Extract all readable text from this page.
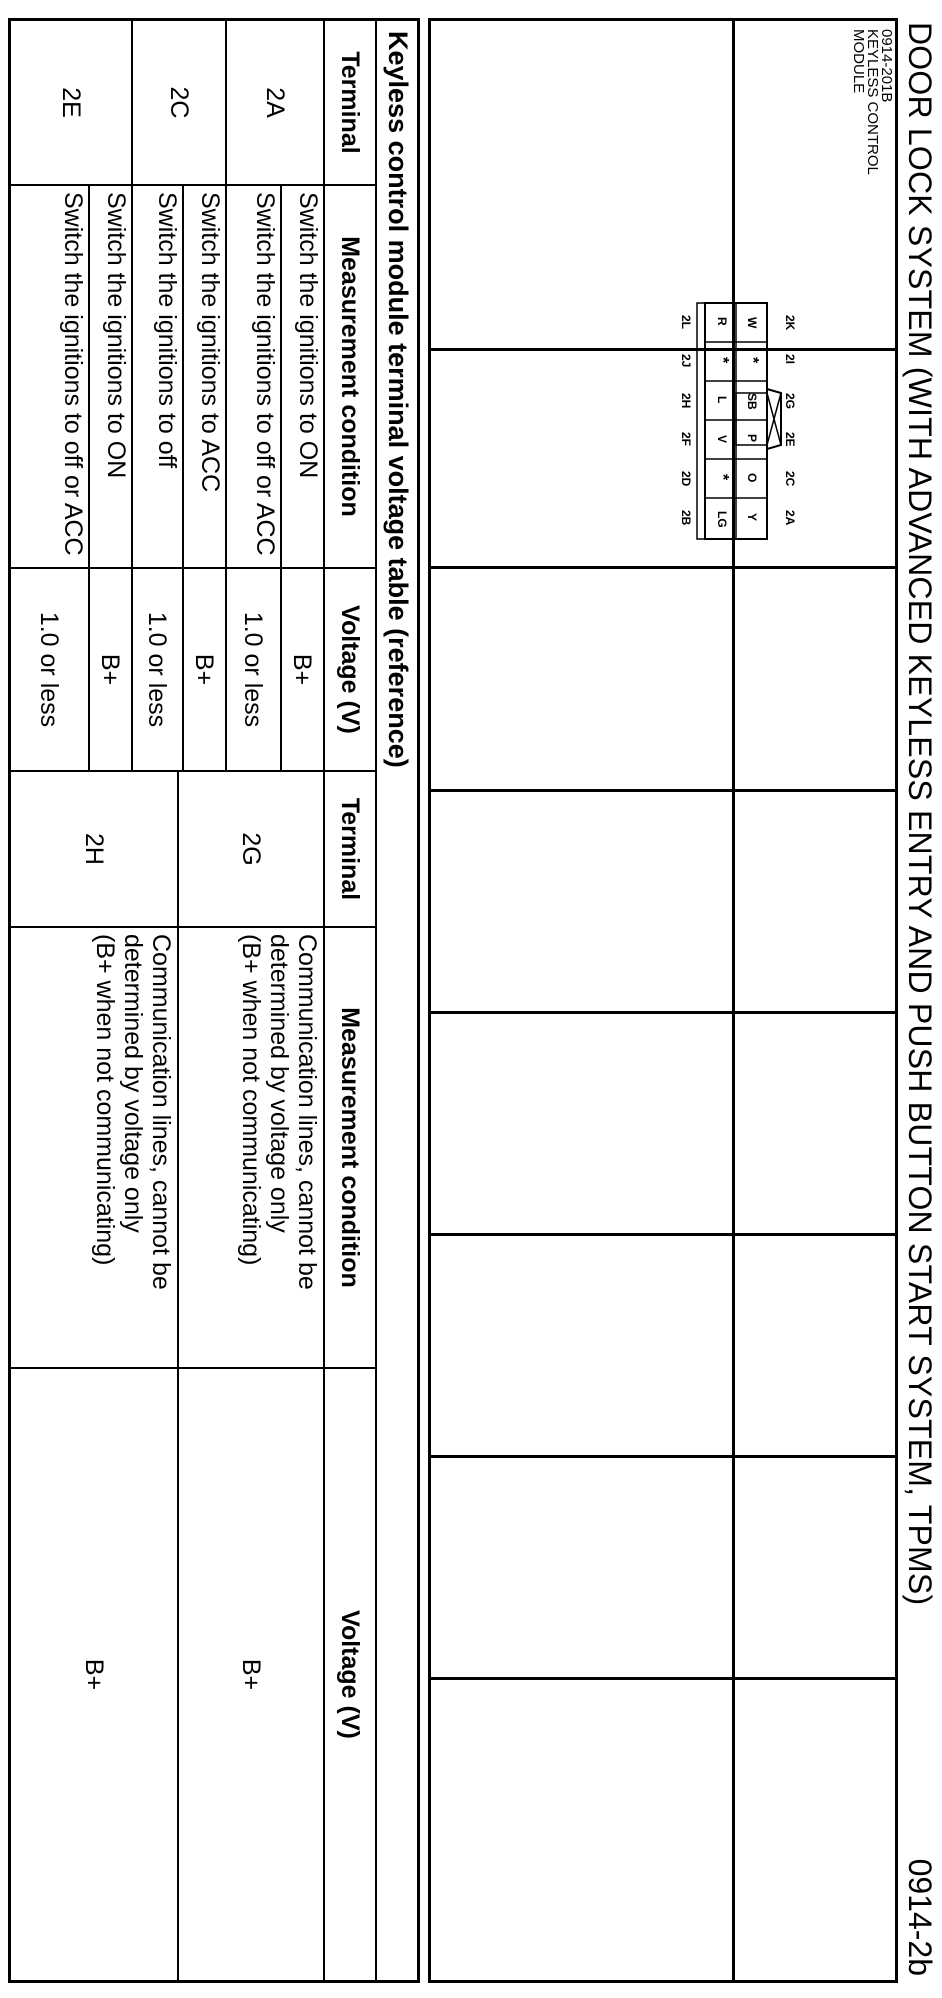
DOOR LOCK SYSTEM (WITH ADVANCED KEYLESS ENTRY AND PUSH BUTTON START SYSTEM, TPMS)
0914-2b
0914-201B
KEYLESS CONTROL
MODULE
2K
2I
2G
2E
2C
2A
W
*
SB
P
O
Y
R
*
L
V
*
LG
2L
2J
2H
2F
2D
2B
Keyless control module terminal voltage table (reference)
Terminal
Measurement condition
Voltage (V)
Terminal
Measurement condition
Voltage (V)
2A
2C
2E
Switch the ignitions to ON
Switch the ignitions to off or ACC
Switch the ignitions to ACC
Switch the ignitions to off
Switch the ignitions to ON
Switch the ignitions to off or ACC
B+
1.0 or less
B+
1.0 or less
B+
1.0 or less
2G
Communication lines, cannot be
determined by voltage only
(B+ when not communicating)
B+
2H
Communication lines, cannot be
determined by voltage only
(B+ when not communicating)
B+
